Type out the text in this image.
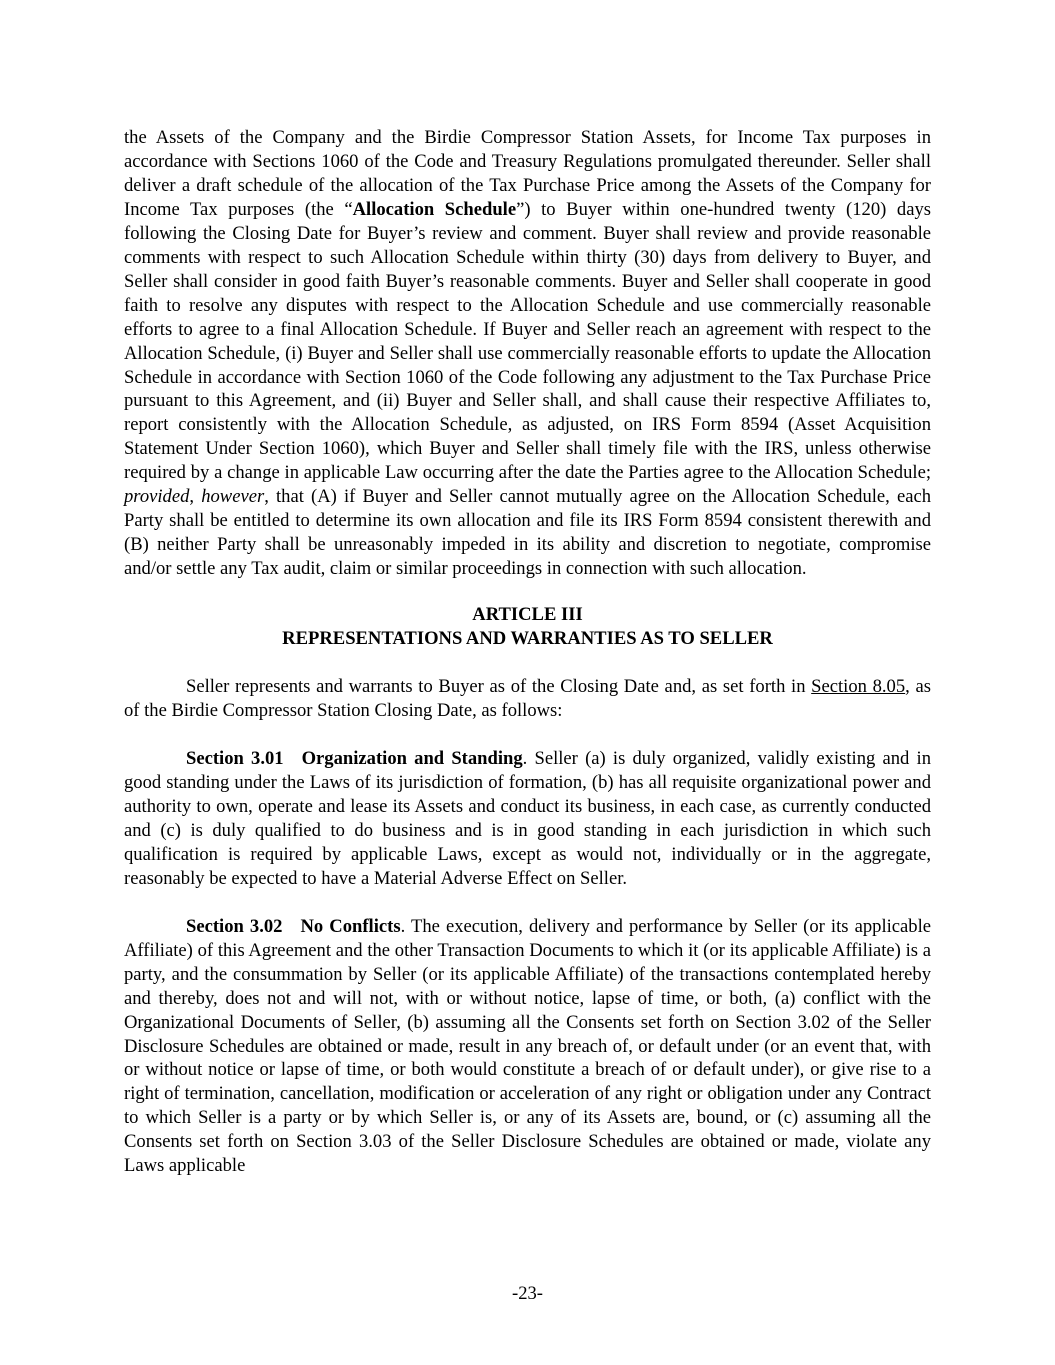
the Assets of the Company and the Birdie Compressor Station Assets, for Income Tax purposes in accordance with Sections 1060 of the Code and Treasury Regulations promulgated thereunder. Seller shall deliver a draft schedule of the allocation of the Tax Purchase Price among the Assets of the Company for Income Tax purposes (the “Allocation Schedule”) to Buyer within one-hundred twenty (120) days following the Closing Date for Buyer’s review and comment. Buyer shall review and provide reasonable comments with respect to such Allocation Schedule within thirty (30) days from delivery to Buyer, and Seller shall consider in good faith Buyer’s reasonable comments. Buyer and Seller shall cooperate in good faith to resolve any disputes with respect to the Allocation Schedule and use commercially reasonable efforts to agree to a final Allocation Schedule. If Buyer and Seller reach an agreement with respect to the Allocation Schedule, (i) Buyer and Seller shall use commercially reasonable efforts to update the Allocation Schedule in accordance with Section 1060 of the Code following any adjustment to the Tax Purchase Price pursuant to this Agreement, and (ii) Buyer and Seller shall, and shall cause their respective Affiliates to, report consistently with the Allocation Schedule, as adjusted, on IRS Form 8594 (Asset Acquisition Statement Under Section 1060), which Buyer and Seller shall timely file with the IRS, unless otherwise required by a change in applicable Law occurring after the date the Parties agree to the Allocation Schedule; provided, however, that (A) if Buyer and Seller cannot mutually agree on the Allocation Schedule, each Party shall be entitled to determine its own allocation and file its IRS Form 8594 consistent therewith and (B) neither Party shall be unreasonably impeded in its ability and discretion to negotiate, compromise and/or settle any Tax audit, claim or similar proceedings in connection with such allocation.

ARTICLE III
REPRESENTATIONS AND WARRANTIES AS TO SELLER

Seller represents and warrants to Buyer as of the Closing Date and, as set forth in Section 8.05, as of the Birdie Compressor Station Closing Date, as follows:

Section 3.01 Organization and Standing. Seller (a) is duly organized, validly existing and in good standing under the Laws of its jurisdiction of formation, (b) has all requisite organizational power and authority to own, operate and lease its Assets and conduct its business, in each case, as currently conducted and (c) is duly qualified to do business and is in good standing in each jurisdiction in which such qualification is required by applicable Laws, except as would not, individually or in the aggregate, reasonably be expected to have a Material Adverse Effect on Seller.

Section 3.02 No Conflicts. The execution, delivery and performance by Seller (or its applicable Affiliate) of this Agreement and the other Transaction Documents to which it (or its applicable Affiliate) is a party, and the consummation by Seller (or its applicable Affiliate) of the transactions contemplated hereby and thereby, does not and will not, with or without notice, lapse of time, or both, (a) conflict with the Organizational Documents of Seller, (b) assuming all the Consents set forth on Section 3.02 of the Seller Disclosure Schedules are obtained or made, result in any breach of, or default under (or an event that, with or without notice or lapse of time, or both would constitute a breach of or default under), or give rise to a right of termination, cancellation, modification or acceleration of any right or obligation under any Contract to which Seller is a party or by which Seller is, or any of its Assets are, bound, or (c) assuming all the Consents set forth on Section 3.03 of the Seller Disclosure Schedules are obtained or made, violate any Laws applicable

-23-
